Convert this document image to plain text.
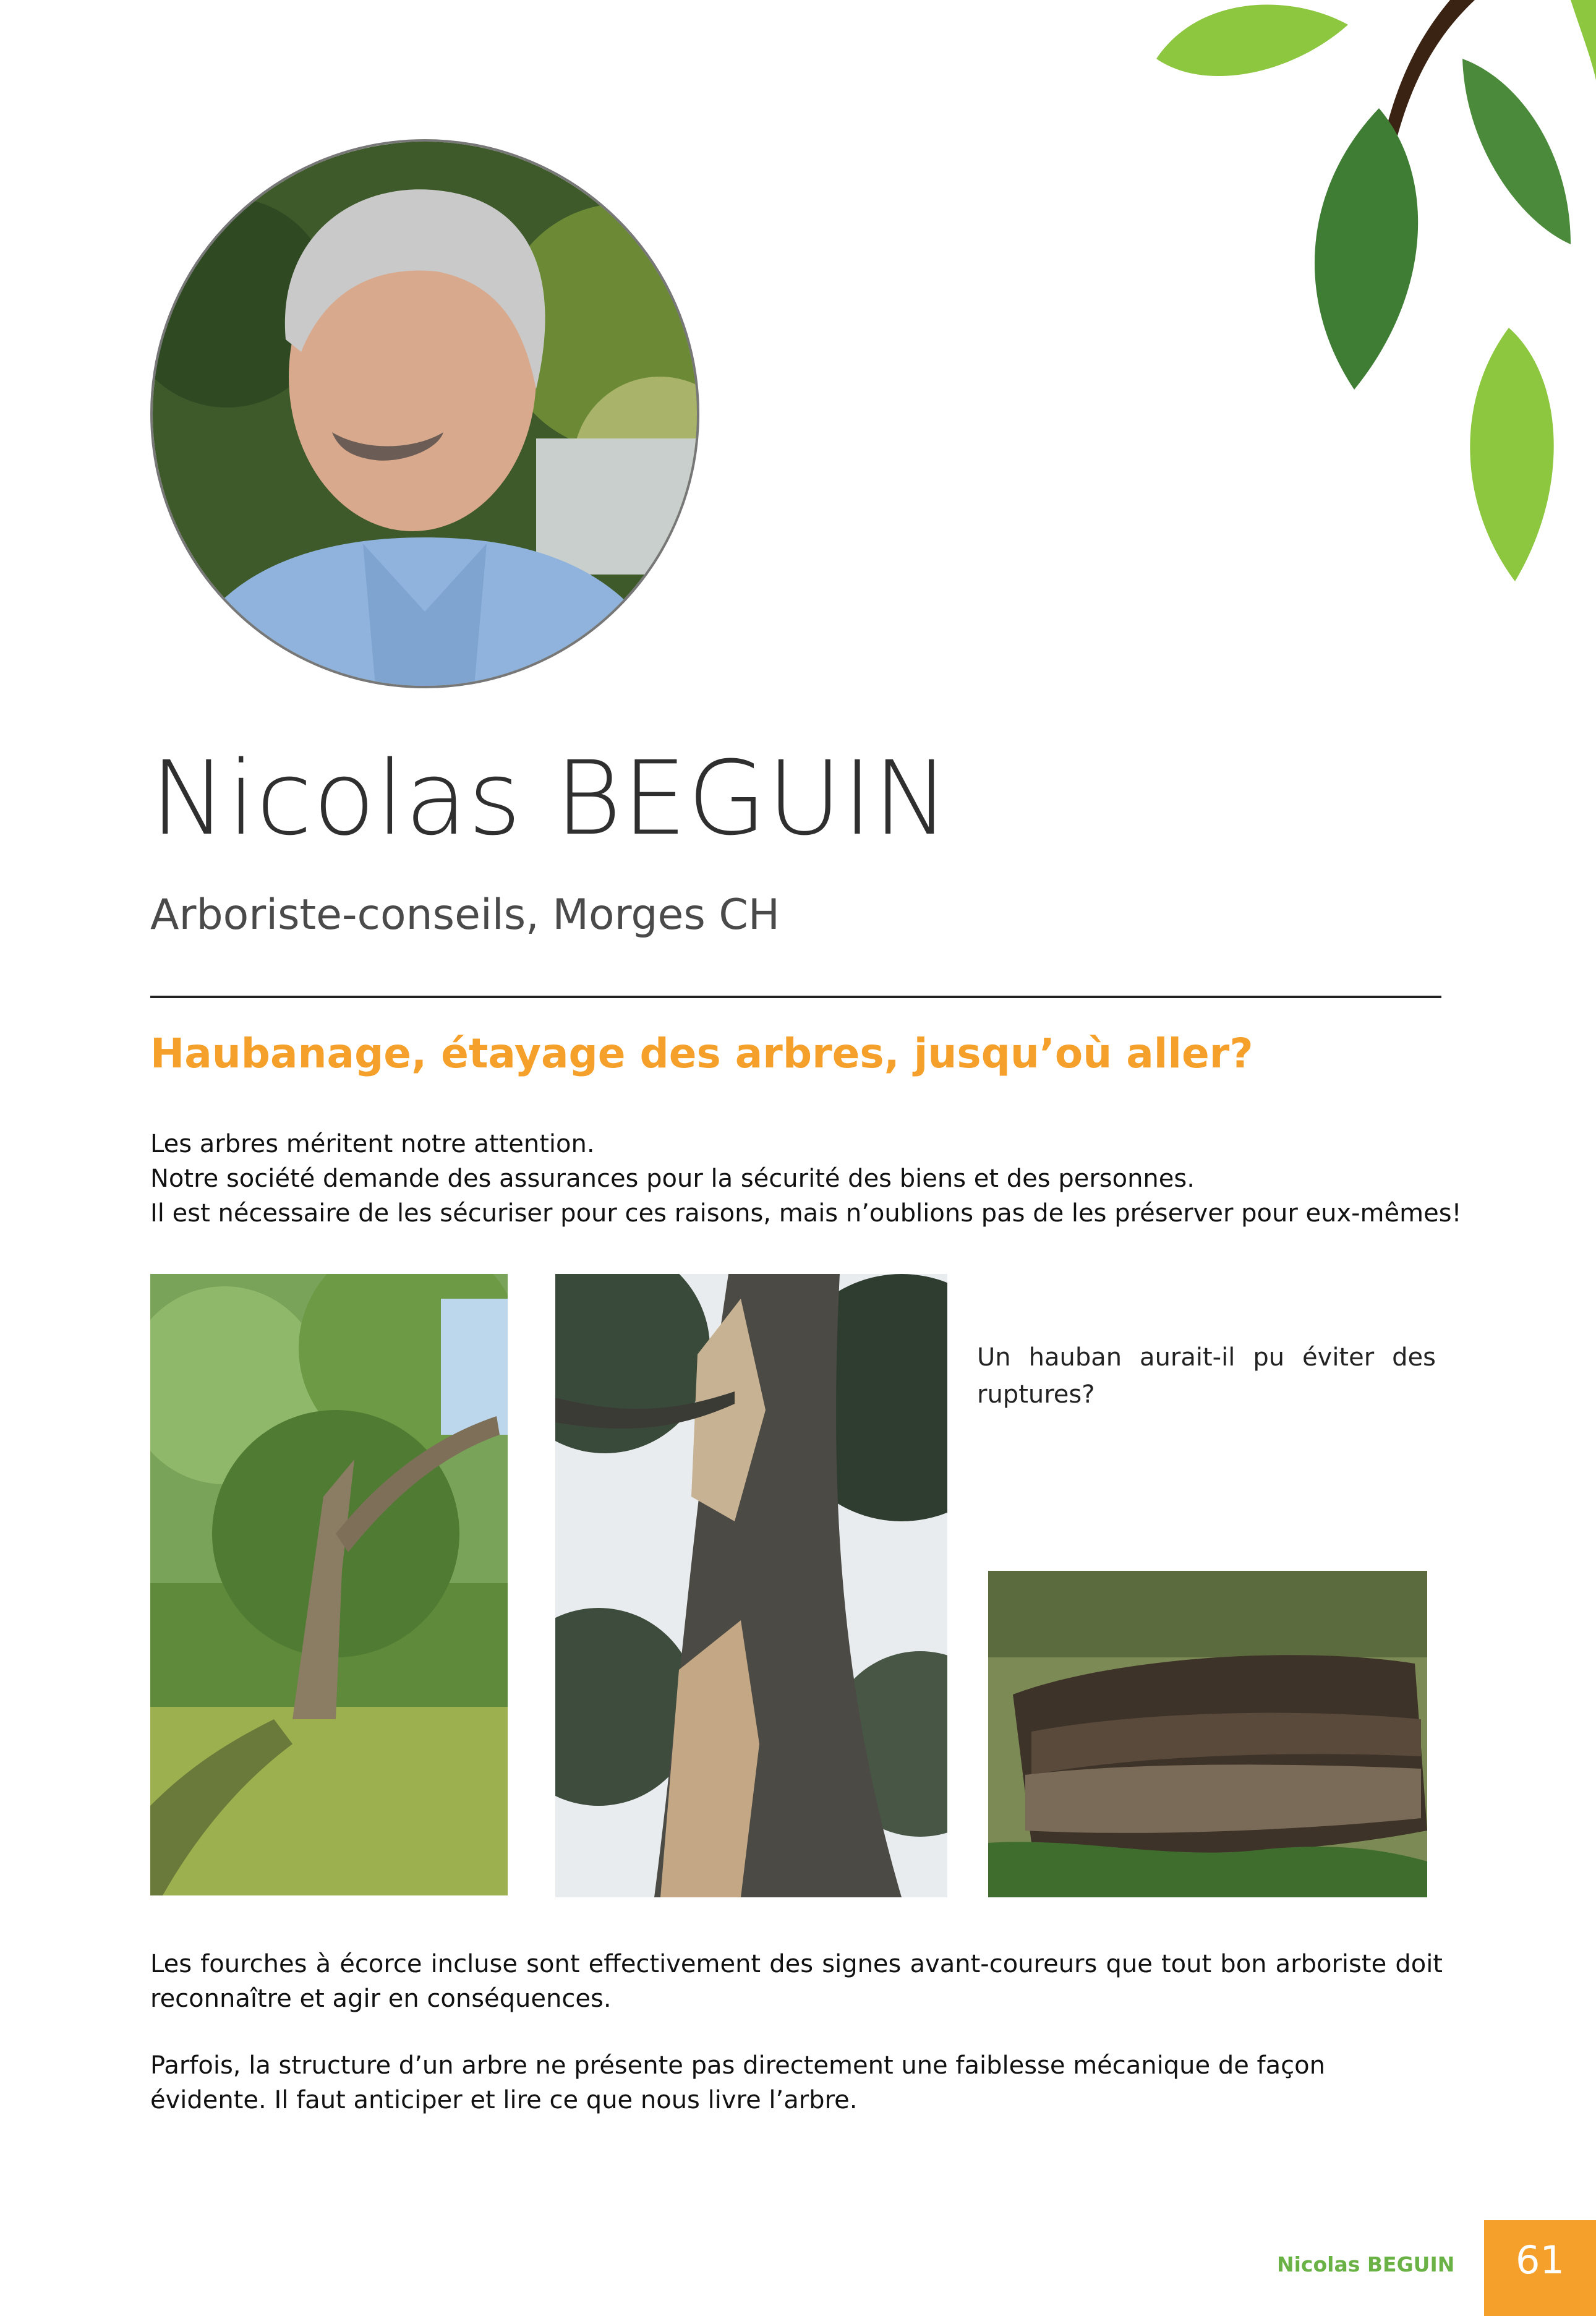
Nicolas BEGUIN
Arboriste-conseils, Morges CH
Haubanage, étayage des arbres, jusqu’où aller?
Les arbres méritent notre attention.
Notre société demande des assurances pour la sécurité des biens et des personnes.
Il est nécessaire de les sécuriser pour ces raisons, mais n’oublions pas de les préserver pour eux-mêmes!
Un hauban aurait-il pu éviter des ruptures?
Les fourches à écorce incluse sont effectivement des signes avant-coureurs que tout bon arboriste doit reconnaître et agir en conséquences.
Parfois, la structure d’un arbre ne présente pas directement une faiblesse mécanique de façon évidente. Il faut anticiper et lire ce que nous livre l’arbre.
Nicolas BEGUIN	61
